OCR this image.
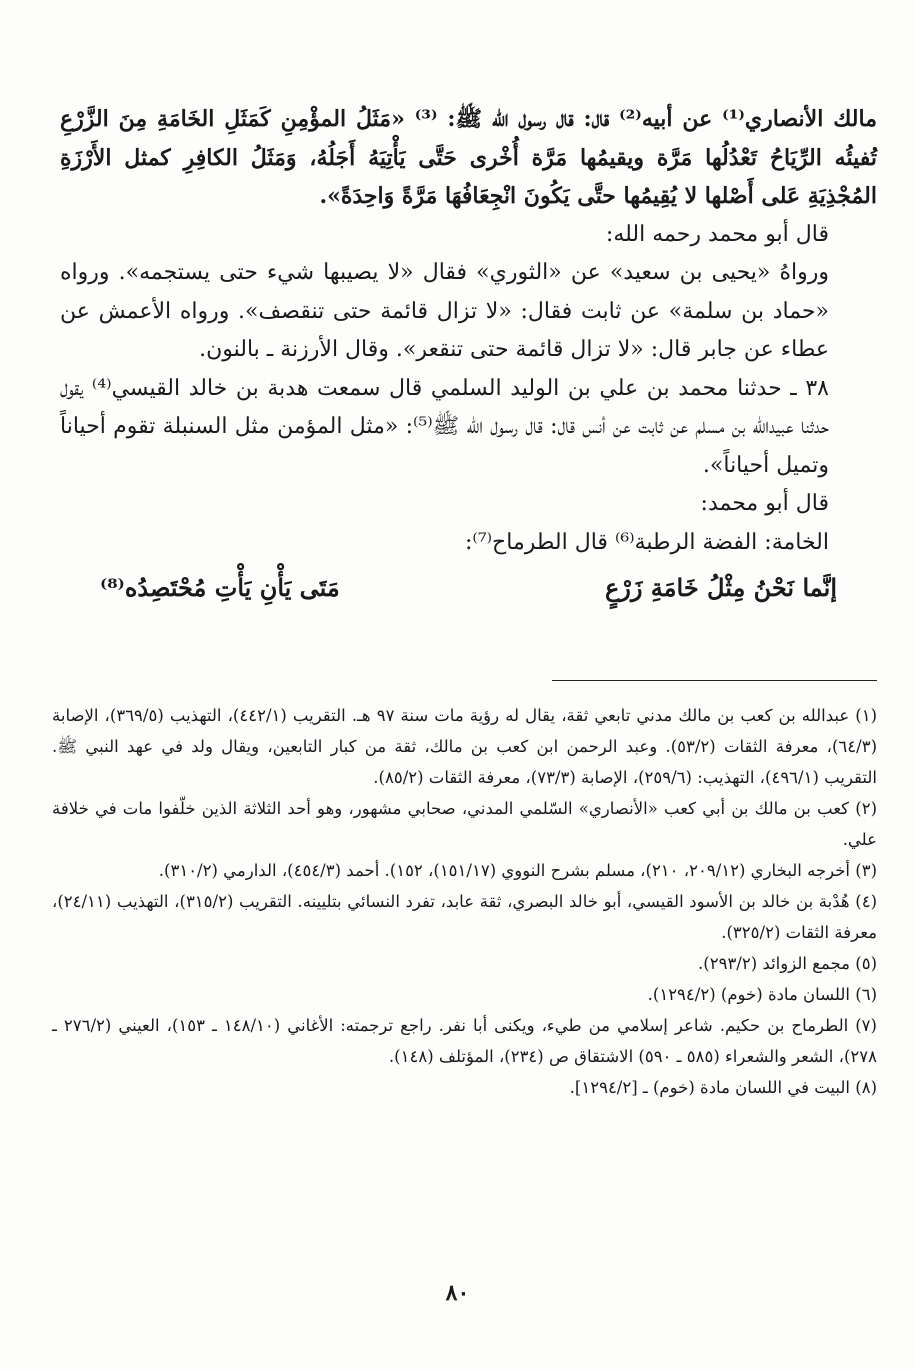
مالك الأنصاري⁽¹⁾ عن أبيه⁽²⁾ قال: قال رسول الله ﷺ: ⁽³⁾ «مَثَلُ المؤْمِنِ كَمَثَلِ الخَامَةِ مِنَ الزَّرْعِ تُفيئُه الرِّيَاحُ تَعْدُلُها مَرَّة ويقيمُها مَرَّة أُخْرى حَتَّى يَأْتِيَهُ أَجَلُهُ، وَمَثَلُ الكافِرِ كمثل الأَرْزَةِ المُجْذِيَةِ عَلى أَصْلها لا يُقِيمُها حتَّى يَكُونَ انْجِعَافُهَا مَرَّةً وَاحِدَةً».

قال أبو محمد رحمه الله:

ورواهُ «يحيى بن سعيد» عن «الثوري» فقال «لا يصيبها شيء حتى يستجمه». ورواه «حماد بن سلمة» عن ثابت فقال: «لا تزال قائمة حتى تنقصف». ورواه الأعمش عن عطاء عن جابر قال: «لا تزال قائمة حتى تنقعر». وقال الأرزنة ـ بالنون.

٣٨ ـ حدثنا محمد بن علي بن الوليد السلمي قال سمعت هدبة بن خالد القيسي⁽⁴⁾ يقول حدثنا عبيدالله بن مسلم عن ثابت عن أنس قال: قال رسول الله ﷺ⁽⁵⁾: «مثل المؤمن مثل السنبلة تقوم أحياناً وتميل أحياناً».

قال أبو محمد:

الخامة: الفضة الرطبة⁽⁶⁾ قال الطرماح⁽⁷⁾:

إنَّما نَحْنُ مِثْلُ خَامَةِ زَرْعٍ
مَتَى يَأْنِ يَأْتِ مُحْتَصِدُه⁽⁸⁾

(١) عبدالله بن كعب بن مالك مدني تابعي ثقة، يقال له رؤية مات سنة ٩٧ هـ. التقريب (٤٤٢/١)، التهذيب (٣٦٩/٥)، الإصابة (٦٤/٣)، معرفة الثقات (٥٣/٢). وعبد الرحمن ابن كعب بن مالك، ثقة من كبار التابعين، ويقال ولد في عهد النبي ﷺ. التقريب (٤٩٦/١)، التهذيب: (٢٥٩/٦)، الإصابة (٧٣/٣)، معرفة الثقات (٨٥/٢).

(٢) كعب بن مالك بن أبي كعب «الأنصاري» السّلمي المدني، صحابي مشهور، وهو أحد الثلاثة الذين خلّفوا مات في خلافة علي.

(٣) أخرجه البخاري (٢٠٩/١٢، ٢١٠)، مسلم بشرح النووي (١٥١/١٧)، ١٥٢). أحمد (٤٥٤/٣)، الدارمي (٣١٠/٢).

(٤) هُدْبة بن خالد بن الأسود القيسي، أبو خالد البصري، ثقة عابد، تفرد النسائي بتليينه. التقريب (٣١٥/٢)، التهذيب (٢٤/١١)، معرفة الثقات (٣٢٥/٢).

(٥) مجمع الزوائد (٢٩٣/٢).

(٦) اللسان مادة (خوم) (١٢٩٤/٢).

(٧) الطرماح بن حكيم. شاعر إسلامي من طيء، ويكنى أبا نفر. راجع ترجمته: الأغاني (١٤٨/١٠ ـ ١٥٣)، العيني (٢٧٦/٢ ـ ٢٧٨)، الشعر والشعراء (٥٨٥ ـ ٥٩٠) الاشتقاق ص (٢٣٤)، المؤتلف (١٤٨).

(٨) البيت في اللسان مادة (خوم) ـ [١٢٩٤/٢].

٨٠
